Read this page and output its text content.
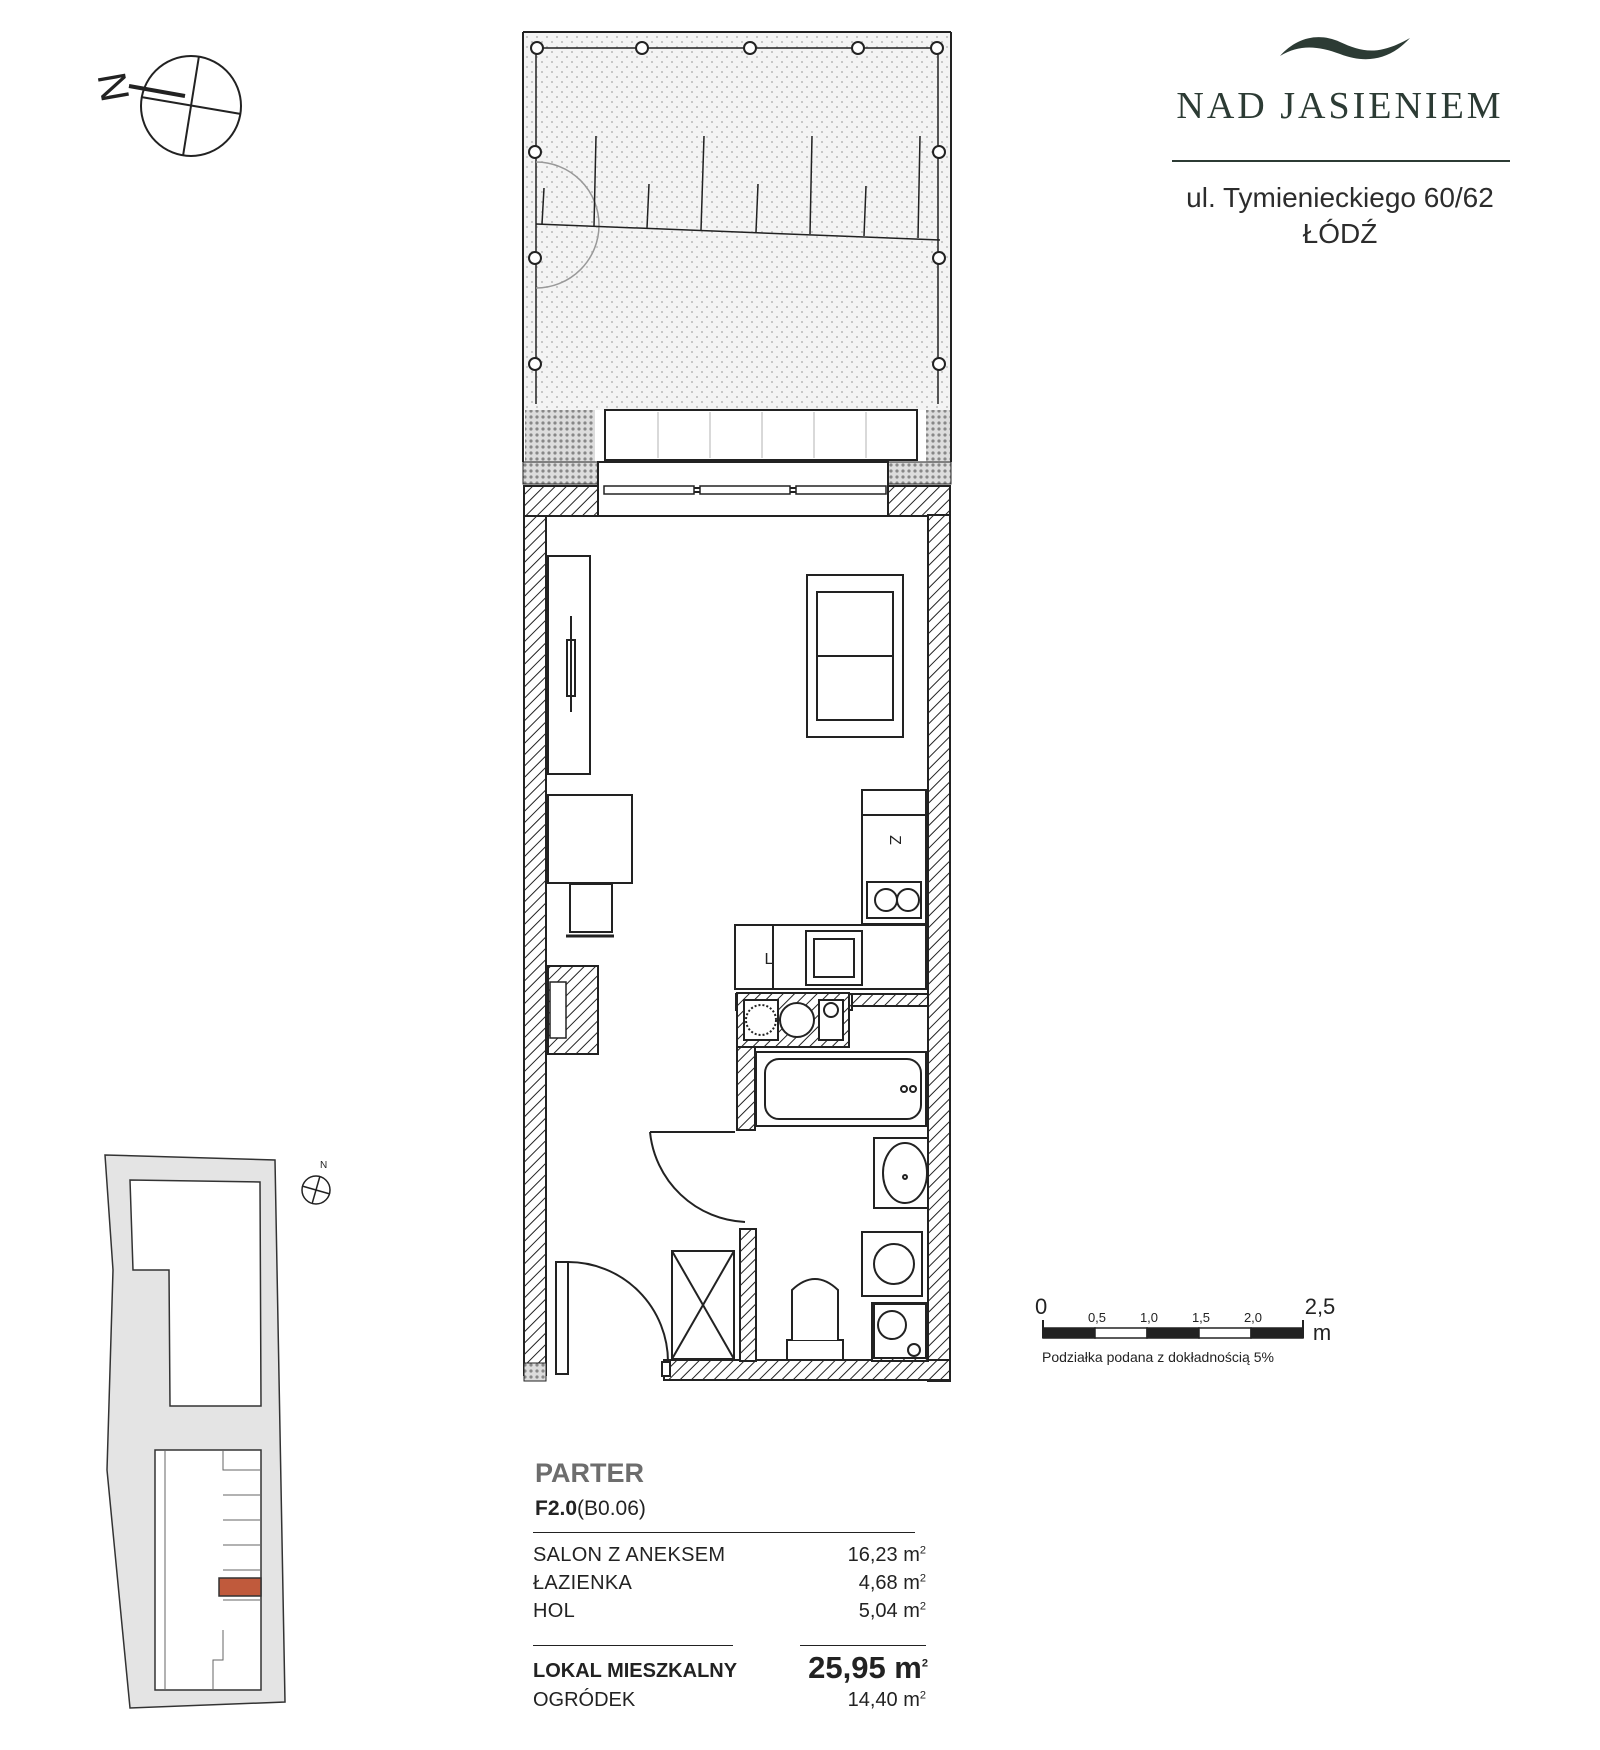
N	NAD JASIENIEM
ul. Tymienieckiego 60/62
ŁÓDŹ
Z
L
N
0	0,5	1,0	1,5	2,0 2,5
m
Podziałka podana z dokładnością 5%
PARTER
F2.0(B0.06)
SALON Z ANEKSEM	16,23 $m^2$
ŁAZIENKA	4,68 $m^2$
HOL	5,04 $m^2$
LOKAL MIESZKALNY	25,95 $m^2$
OGRÓDEK	14,40 $m^2$
